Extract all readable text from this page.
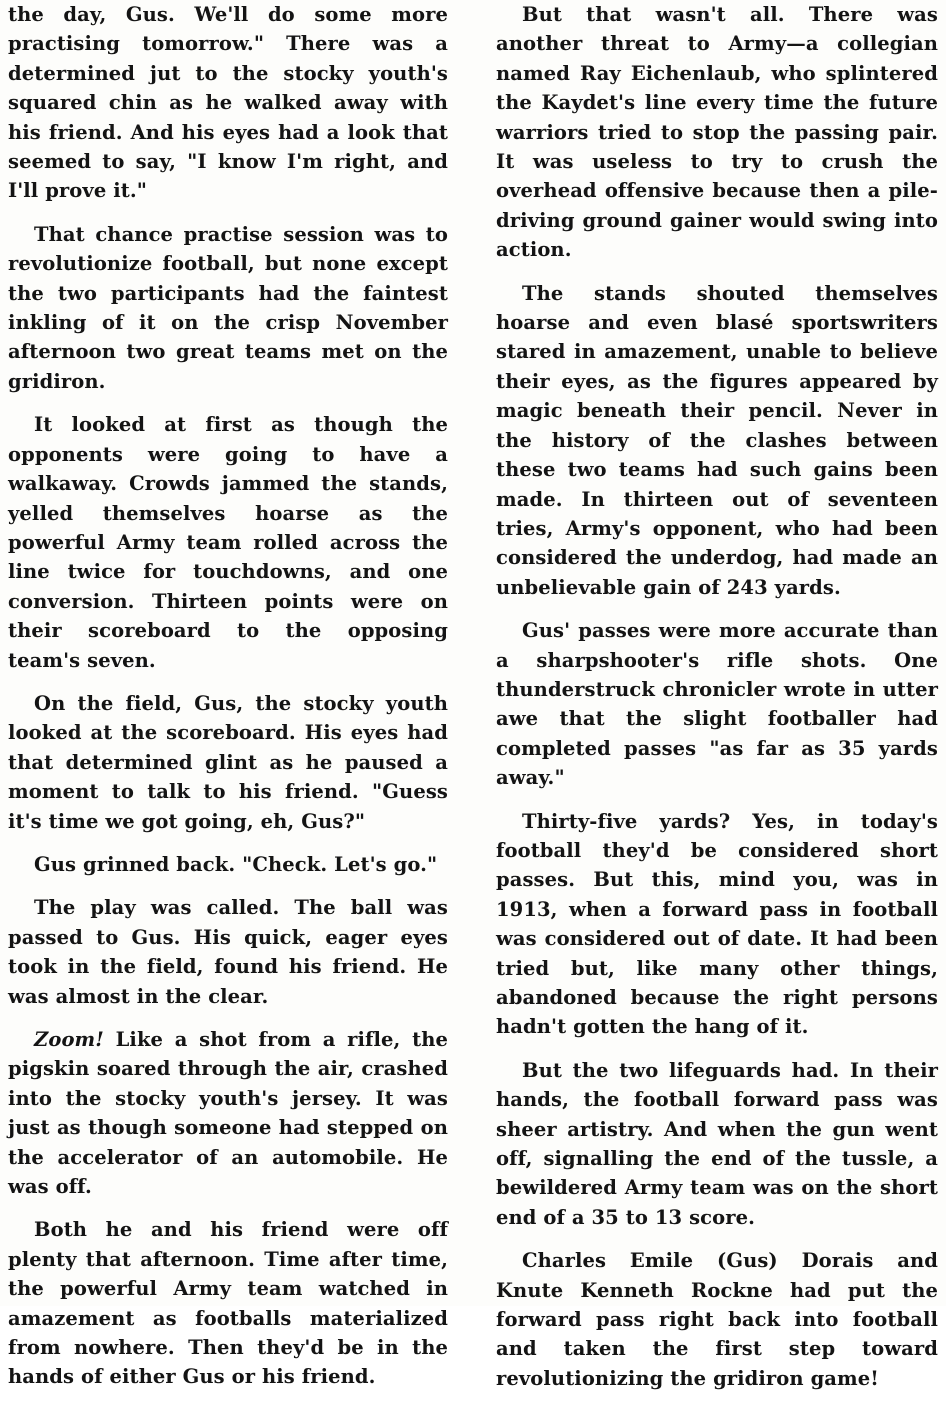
the day, Gus. We'll do some more practising tomorrow." There was a determined jut to the stocky youth's squared chin as he walked away with his friend. And his eyes had a look that seemed to say, "I know I'm right, and I'll prove it."

That chance practise session was to revolutionize football, but none except the two participants had the faintest inkling of it on the crisp November afternoon two great teams met on the gridiron.

It looked at first as though the opponents were going to have a walkaway. Crowds jammed the stands, yelled themselves hoarse as the powerful Army team rolled across the line twice for touchdowns, and one conversion. Thirteen points were on their scoreboard to the opposing team's seven.

On the field, Gus, the stocky youth looked at the scoreboard. His eyes had that determined glint as he paused a moment to talk to his friend. "Guess it's time we got going, eh, Gus?"

Gus grinned back. "Check. Let's go."

The play was called. The ball was passed to Gus. His quick, eager eyes took in the field, found his friend. He was almost in the clear.

Zoom! Like a shot from a rifle, the pigskin soared through the air, crashed into the stocky youth's jersey. It was just as though someone had stepped on the accelerator of an automobile. He was off.

Both he and his friend were off plenty that afternoon. Time after time, the powerful Army team watched in amazement as footballs materialized from nowhere. Then they'd be in the hands of either Gus or his friend.

But that wasn't all. There was another threat to Army—a collegian named Ray Eichenlaub, who splintered the Kaydet's line every time the future warriors tried to stop the passing pair. It was useless to try to crush the overhead offensive because then a pile-driving ground gainer would swing into action.

The stands shouted themselves hoarse and even blasé sportswriters stared in amazement, unable to believe their eyes, as the figures appeared by magic beneath their pencil. Never in the history of the clashes between these two teams had such gains been made. In thirteen out of seventeen tries, Army's opponent, who had been considered the underdog, had made an unbelievable gain of 243 yards.

Gus' passes were more accurate than a sharpshooter's rifle shots. One thunderstruck chronicler wrote in utter awe that the slight footballer had completed passes "as far as 35 yards away."

Thirty-five yards? Yes, in today's football they'd be considered short passes. But this, mind you, was in 1913, when a forward pass in football was considered out of date. It had been tried but, like many other things, abandoned because the right persons hadn't gotten the hang of it.

But the two lifeguards had. In their hands, the football forward pass was sheer artistry. And when the gun went off, signalling the end of the tussle, a bewildered Army team was on the short end of a 35 to 13 score.

Charles Emile (Gus) Dorais and Knute Kenneth Rockne had put the forward pass right back into football and taken the first step toward revolutionizing the gridiron game!
